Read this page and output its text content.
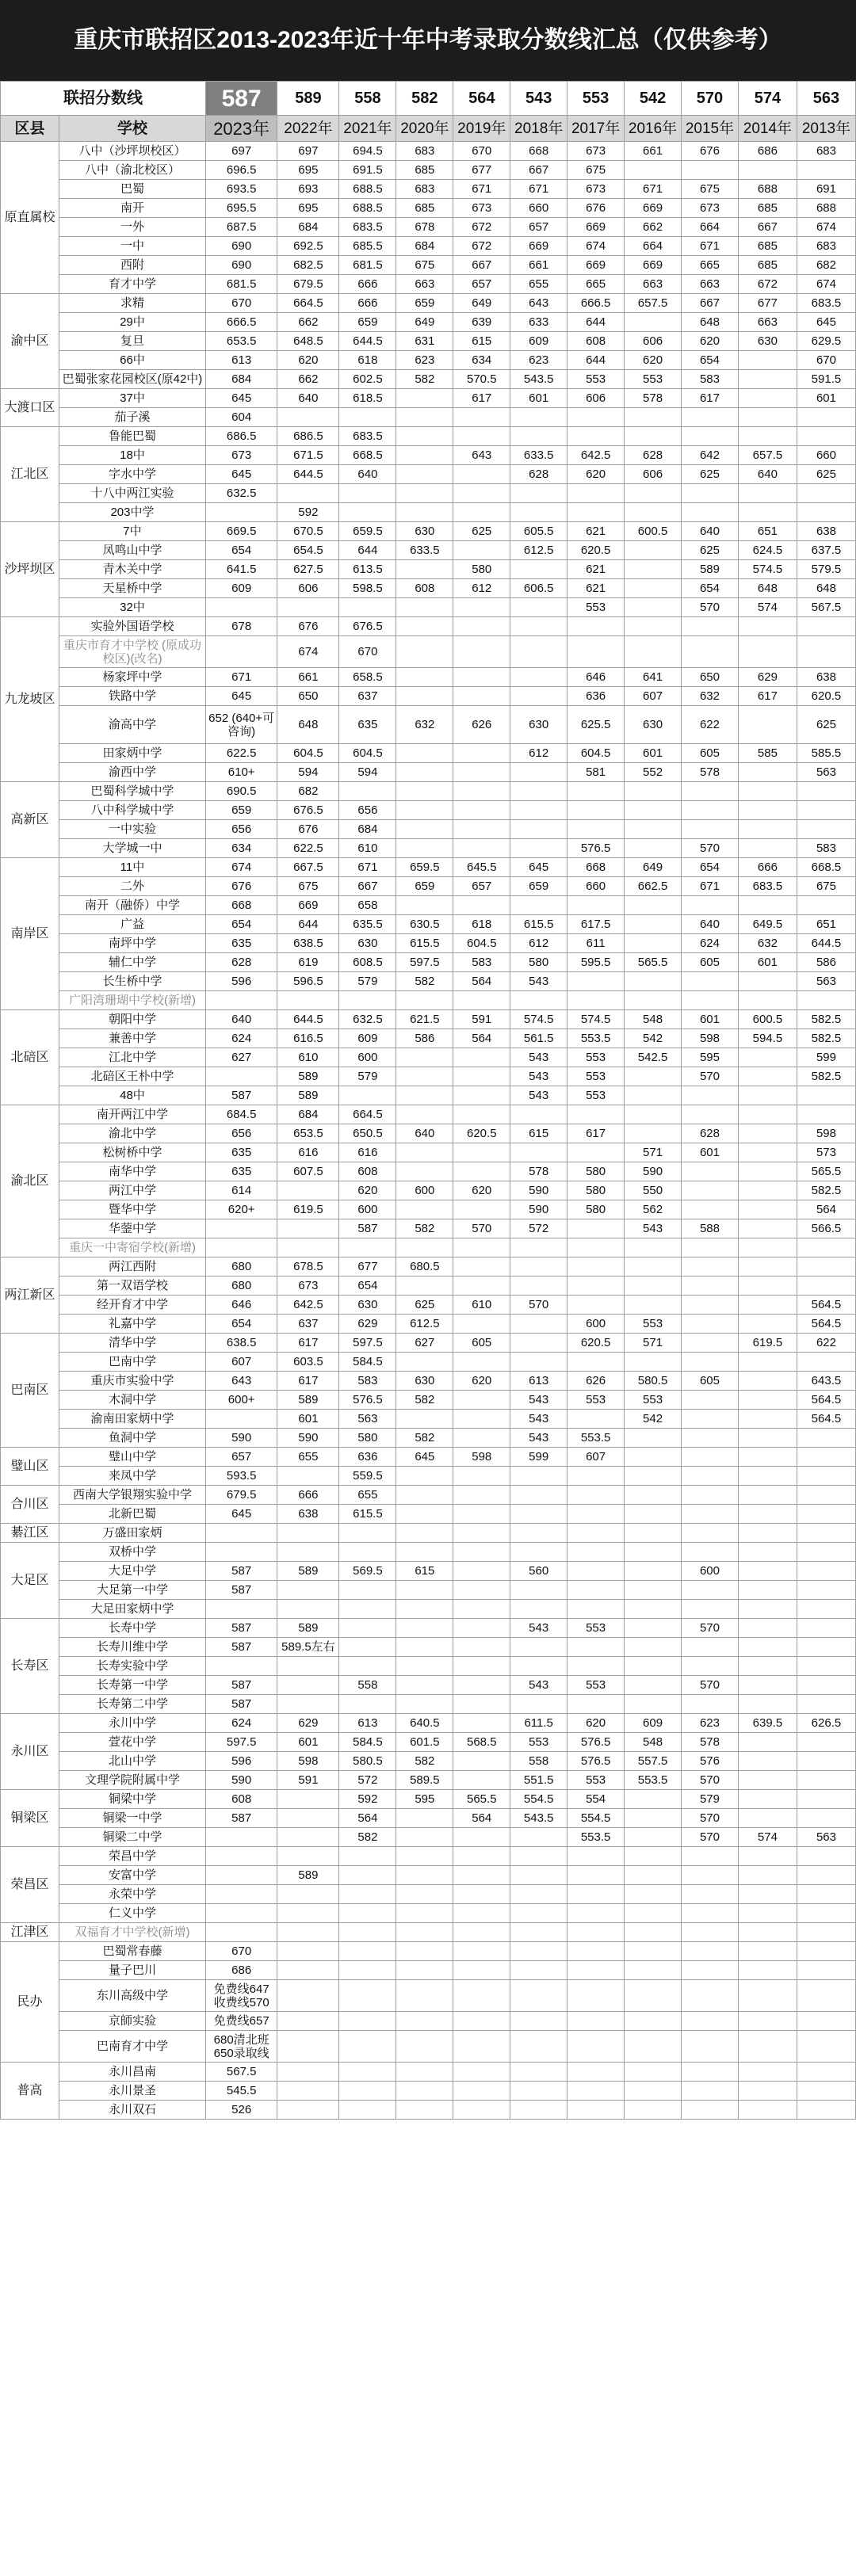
重庆市联招区2013-2023年近十年中考录取分数线汇总（仅供参考）
联招分数线		587	589	558	582	564	543	553	542	570	574	563
区县	学校	2023年	2022年	2021年	2020年	2019年	2018年	2017年	2016年	2015年	2014年	2013年
原直属校	八中（沙坪坝校区）	697	697	694.5	683	670	668	673	661	676	686	683
	八中（渝北校区）	696.5	695	691.5	685	677	667	675				
	巴蜀	693.5	693	688.5	683	671	671	673	671	675	688	691
	南开	695.5	695	688.5	685	673	660	676	669	673	685	688
	一外	687.5	684	683.5	678	672	657	669	662	664	667	674
	一中	690	692.5	685.5	684	672	669	674	664	671	685	683
	西附	690	682.5	681.5	675	667	661	669	669	665	685	682
	育才中学	681.5	679.5	666	663	657	655	665	663	663	672	674
渝中区	求精	670	664.5	666	659	649	643	666.5	657.5	667	677	683.5
	29中	666.5	662	659	649	639	633	644		648	663	645
	复旦	653.5	648.5	644.5	631	615	609	608	606	620	630	629.5
	66中	613	620	618	623	634	623	644	620	654		670
	巴蜀张家花园校区(原42中)	684	662	602.5	582	570.5	543.5	553	553	583		591.5
大渡口区	37中	645	640	618.5		617	601	606	578	617		601
	茄子溪	604										
江北区	鲁能巴蜀	686.5	686.5	683.5								
	18中	673	671.5	668.5		643	633.5	642.5	628	642	657.5	660
	字水中学	645	644.5	640			628	620	606	625	640	625
	十八中两江实验	632.5										
	203中学		592									
沙坪坝区	7中	669.5	670.5	659.5	630	625	605.5	621	600.5	640	651	638
	凤鸣山中学	654	654.5	644	633.5		612.5	620.5		625	624.5	637.5
	青木关中学	641.5	627.5	613.5		580		621		589	574.5	579.5
	天星桥中学	609	606	598.5	608	612	606.5	621		654	648	648
	32中							553		570	574	567.5
九龙坡区	实验外国语学校	678	676	676.5								
	重庆市育才中学校 (原成功校区)(改名)		674	670								
	杨家坪中学	671	661	658.5				646	641	650	629	638
	铁路中学	645	650	637				636	607	632	617	620.5
	渝高中学	652 (640+可咨询)	648	635	632	626	630	625.5	630	622		625
	田家炳中学	622.5	604.5	604.5			612	604.5	601	605	585	585.5
	渝西中学	610+	594	594				581	552	578		563
高新区	巴蜀科学城中学	690.5	682									
	八中科学城中学	659	676.5	656								
	一中实验	656	676	684								
	大学城一中	634	622.5	610				576.5		570		583
南岸区	11中	674	667.5	671	659.5	645.5	645	668	649	654	666	668.5
	二外	676	675	667	659	657	659	660	662.5	671	683.5	675
	南开（融侨）中学	668	669	658								
	广益	654	644	635.5	630.5	618	615.5	617.5		640	649.5	651
	南坪中学	635	638.5	630	615.5	604.5	612	611		624	632	644.5
	辅仁中学	628	619	608.5	597.5	583	580	595.5	565.5	605	601	586
	长生桥中学	596	596.5	579	582	564	543					563
	广阳湾珊瑚中学校(新增)											
北碚区	朝阳中学	640	644.5	632.5	621.5	591	574.5	574.5	548	601	600.5	582.5
	兼善中学	624	616.5	609	586	564	561.5	553.5	542	598	594.5	582.5
	江北中学	627	610	600			543	553	542.5	595		599
	北碚区王朴中学		589	579			543	553		570		582.5
	48中	587	589				543	553				
渝北区	南开两江中学	684.5	684	664.5								
	渝北中学	656	653.5	650.5	640	620.5	615	617		628		598
	松树桥中学	635	616	616					571	601		573
	南华中学	635	607.5	608			578	580	590			565.5
	两江中学	614		620	600	620	590	580	550			582.5
	暨华中学	620+	619.5	600			590	580	562			564
	华蓥中学			587	582	570	572		543	588		566.5
	重庆一中寄宿学校(新增)											
两江新区	两江西附	680	678.5	677	680.5							
	第一双语学校	680	673	654								
	经开育才中学	646	642.5	630	625	610	570					564.5
	礼嘉中学	654	637	629	612.5			600	553			564.5
巴南区	清华中学	638.5	617	597.5	627	605		620.5	571		619.5	622
	巴南中学	607	603.5	584.5								
	重庆市实验中学	643	617	583	630	620	613	626	580.5	605		643.5
	木洞中学	600+	589	576.5	582		543	553	553			564.5
	渝南田家炳中学		601	563			543		542			564.5
	鱼洞中学	590	590	580	582		543	553.5				
璧山区	璧山中学	657	655	636	645	598	599	607				
	来凤中学	593.5		559.5								
合川区	西南大学银翔实验中学	679.5	666	655								
	北新巴蜀	645	638	615.5								
綦江区	万盛田家炳											
大足区	双桥中学											
	大足中学	587	589	569.5	615		560			600		
	大足第一中学	587										
	大足田家炳中学											
长寿区	长寿中学	587	589				543	553		570		
	长寿川维中学	587	589.5左右									
	长寿实验中学											
	长寿第一中学	587		558			543	553		570		
	长寿第二中学	587										
永川区	永川中学	624	629	613	640.5		611.5	620	609	623	639.5	626.5
	萱花中学	597.5	601	584.5	601.5	568.5	553	576.5	548	578		
	北山中学	596	598	580.5	582		558	576.5	557.5	576		
	文理学院附属中学	590	591	572	589.5		551.5	553	553.5	570		
铜梁区	铜梁中学	608		592	595	565.5	554.5	554		579		
	铜梁一中学	587		564		564	543.5	554.5		570		
	铜梁二中学			582				553.5		570	574	563
荣昌区	荣昌中学											
	安富中学		589									
	永荣中学											
	仁义中学											
江津区	双福育才中学校(新增)											
民办	巴蜀常春藤	670										
	量子巴川	686										
	东川高级中学	免费线647 收费线570										
	京師实验	免费线657										
	巴南育才中学	680清北班 650录取线										
普高	永川昌南	567.5										
	永川景圣	545.5										
	永川双石	526										
